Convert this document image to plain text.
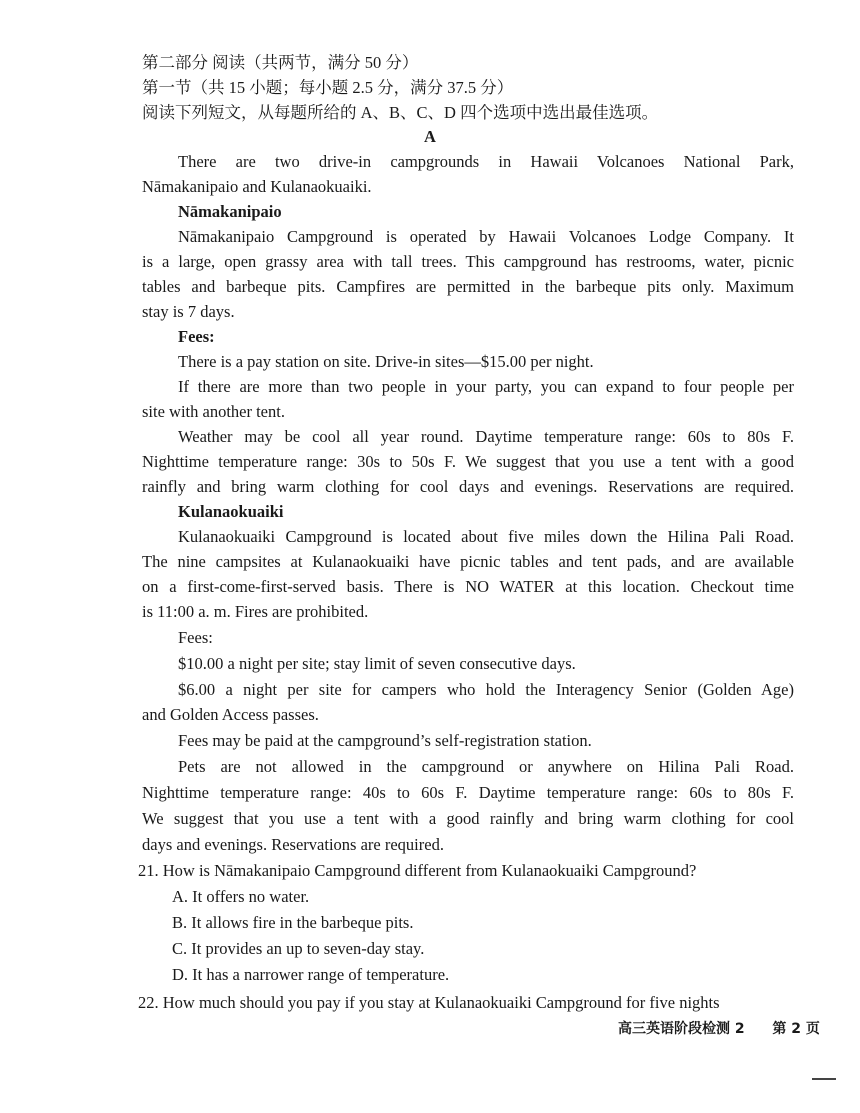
第二部分 阅读（共两节，满分 50 分）
第一节（共 15 小题；每小题 2.5 分，满分 37.5 分）
阅读下列短文，从每题所给的 A、B、C、D 四个选项中选出最佳选项。
A
There are two drive-in campgrounds in Hawaii Volcanoes National Park,
Nāmakanipaio and Kulanaokuaiki.
Nāmakanipaio
Nāmakanipaio Campground is operated by Hawaii Volcanoes Lodge Company. It
is a large, open grassy area with tall trees. This campground has restrooms, water, picnic
tables and barbeque pits. Campfires are permitted in the barbeque pits only. Maximum
stay is 7 days.
Fees:
There is a pay station on site. Drive-in sites—$15.00 per night.
If there are more than two people in your party, you can expand to four people per
site with another tent.
Weather may be cool all year round. Daytime temperature range: 60s to 80s F.
Nighttime temperature range: 30s to 50s F. We suggest that you use a tent with a good
rainfly and bring warm clothing for cool days and evenings. Reservations are required.
Kulanaokuaiki
Kulanaokuaiki Campground is located about five miles down the Hilina Pali Road.
The nine campsites at Kulanaokuaiki have picnic tables and tent pads, and are available
on a first-come-first-served basis. There is NO WATER at this location. Checkout time
is 11:00 a. m. Fires are prohibited.
Fees:
$10.00 a night per site; stay limit of seven consecutive days.
$6.00 a night per site for campers who hold the Interagency Senior (Golden Age)
and Golden Access passes.
Fees may be paid at the campground’s self-registration station.
Pets are not allowed in the campground or anywhere on Hilina Pali Road.
Nighttime temperature range: 40s to 60s F. Daytime temperature range: 60s to 80s F.
We suggest that you use a tent with a good rainfly and bring warm clothing for cool
days and evenings. Reservations are required.
21. How is Nāmakanipaio Campground different from Kulanaokuaiki Campground?
A. It offers no water.
B. It allows fire in the barbeque pits.
C. It provides an up to seven-day stay.
D. It has a narrower range of temperature.
22. How much should you pay if you stay at Kulanaokuaiki Campground for five nights
高三英语阶段检测 2 第 2 页
